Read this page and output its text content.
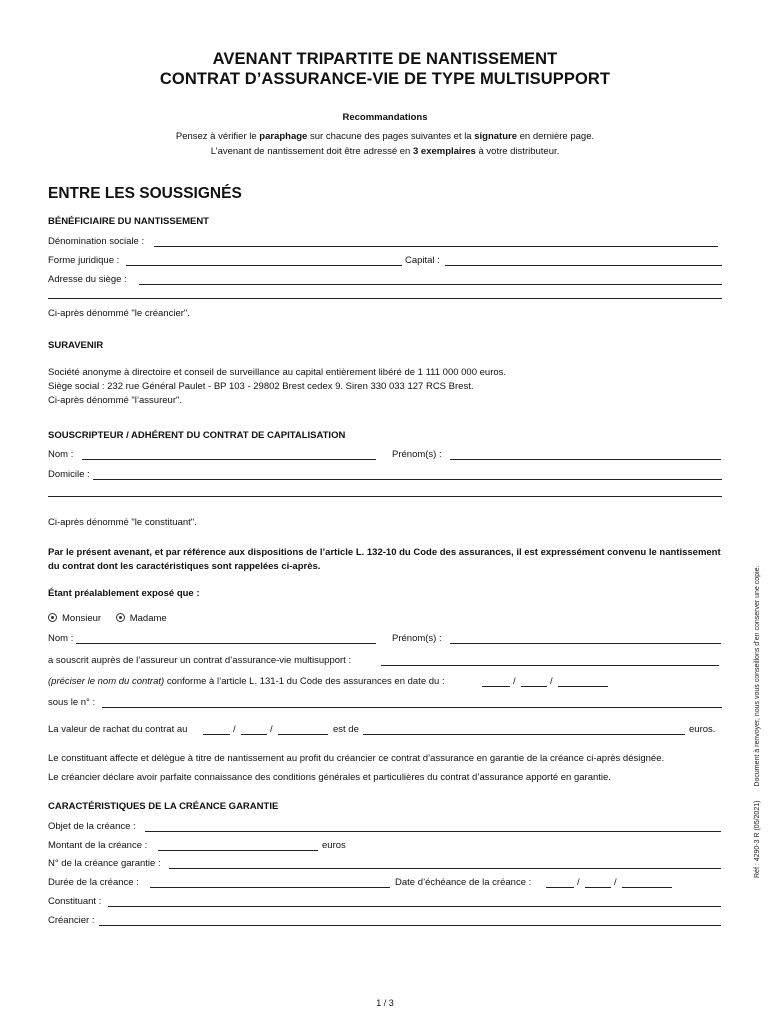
AVENANT TRIPARTITE DE NANTISSEMENT
CONTRAT D’ASSURANCE-VIE DE TYPE MULTISUPPORT
Recommandations
Pensez à vérifier le paraphage sur chacune des pages suivantes et la signature en dernière page.
L’avenant de nantissement doit être adressé en 3 exemplaires à votre distributeur.
ENTRE LES SOUSSIGNÉS
BÉNÉFICIAIRE DU NANTISSEMENT
Dénomination sociale :
Forme juridique :	Capital :
Adresse du siège :
Ci-après dénommé "le créancier".
SURAVENIR
Société anonyme à directoire et conseil de surveillance au capital entièrement libéré de 1 111 000 000 euros.
Siège social : 232 rue Général Paulet - BP 103 - 29802 Brest cedex 9. Siren 330 033 127 RCS Brest.
Ci-après dénommé "l’assureur".
SOUSCRIPTEUR / ADHÉRENT DU CONTRAT DE CAPITALISATION
Nom :	Prénom(s) :
Domicile :
Ci-après dénommé "le constituant".
Par le présent avenant, et par référence aux dispositions de l’article L. 132-10 du Code des assurances, il est expressément convenu le nantissement du contrat dont les caractéristiques sont rappelées ci-après.
Étant préalablement exposé que :
Monsieur	Madame
Nom :	Prénom(s) :
a souscrit auprès de l’assureur un contrat d’assurance-vie multisupport :
(préciser le nom du contrat) conforme à l’article L. 131-1 du Code des assurances en date du :	/	/
sous le n° :
La valeur de rachat du contrat au	/	/	est de	euros.
Le constituant affecte et délègue à titre de nantissement au profit du créancier ce contrat d’assurance en garantie de la créance ci-après désignée.
Le créancier déclare avoir parfaite connaissance des conditions générales et particulières du contrat d’assurance apporté en garantie.
CARACTÉRISTIQUES DE LA CRÉANCE GARANTIE
Objet de la créance :
Montant de la créance :	euros
N° de la créance garantie :
Durée de la créance :	Date d’échéance de la créance :	/	/
Constituant :
Créancier :
Réf : 4290-3 R (05/2021)Document à renvoyer, nous vous conseillons d’en conserver une copie.
1 / 3
